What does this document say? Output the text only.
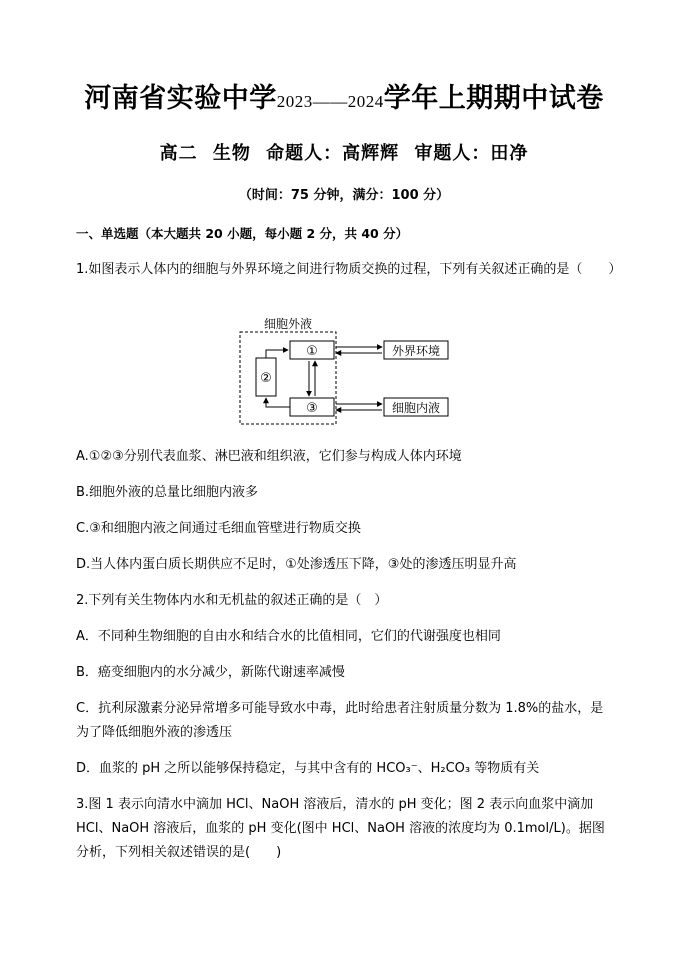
河南省实验中学2023——2024学年上期期中试卷
高二 生物 命题人：高辉辉 审题人：田净
（时间：75 分钟，满分：100 分）
一、单选题（本大题共 20 小题，每小题 2 分，共 40 分）
1.如图表示人体内的细胞与外界环境之间进行物质交换的过程，下列有关叙述正确的是（　　）
细胞外液
①
②
③
外界环境
细胞内液
A.①②③分别代表血浆、淋巴液和组织液，它们参与构成人体内环境
B.细胞外液的总量比细胞内液多
C.③和细胞内液之间通过毛细血管壁进行物质交换
D.当人体内蛋白质长期供应不足时，①处渗透压下降，③处的渗透压明显升高
2.下列有关生物体内水和无机盐的叙述正确的是（　）
A．不同种生物细胞的自由水和结合水的比值相同，它们的代谢强度也相同
B．癌变细胞内的水分减少，新陈代谢速率减慢
C．抗利尿激素分泌异常增多可能导致水中毒，此时给患者注射质量分数为 1.8%的盐水，是为了降低细胞外液的渗透压
D．血浆的 pH 之所以能够保持稳定，与其中含有的 HCO₃⁻、H₂CO₃ 等物质有关
3.图 1 表示向清水中滴加 HCl、NaOH 溶液后，清水的 pH 变化；图 2 表示向血浆中滴加 HCl、NaOH 溶液后，血浆的 pH 变化(图中 HCl、NaOH 溶液的浓度均为 0.1mol/L)。据图分析，下列相关叙述错误的是(　　)
